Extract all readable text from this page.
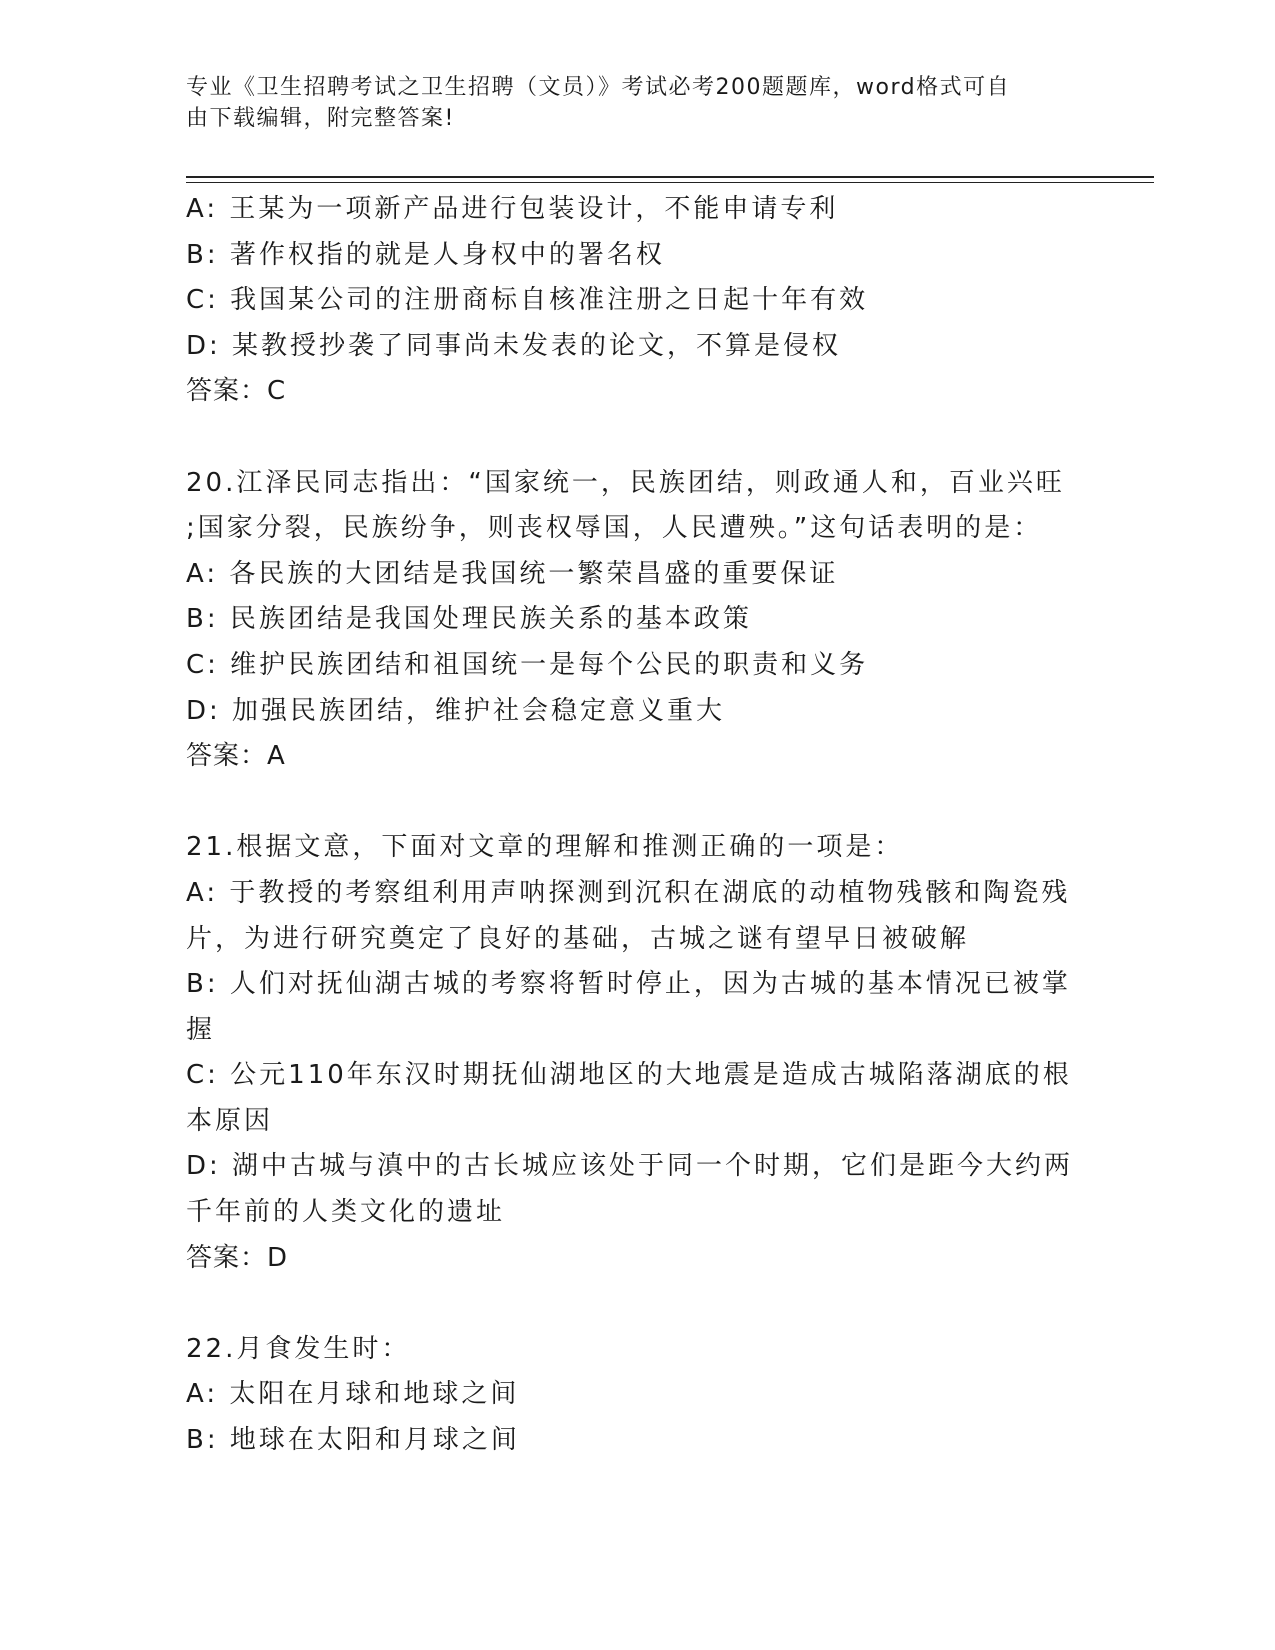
专业《卫生招聘考试之卫生招聘（文员）》考试必考200题题库，word格式可自
由下载编辑，附完整答案!
A: 王某为一项新产品进行包装设计，不能申请专利
B: 著作权指的就是人身权中的署名权
C: 我国某公司的注册商标自核准注册之日起十年有效
D: 某教授抄袭了同事尚未发表的论文，不算是侵权
答案：C
20.江泽民同志指出：“国家统一，民族团结，则政通人和，百业兴旺
;国家分裂，民族纷争，则丧权辱国，人民遭殃。”这句话表明的是：
A: 各民族的大团结是我国统一繁荣昌盛的重要保证
B: 民族团结是我国处理民族关系的基本政策
C: 维护民族团结和祖国统一是每个公民的职责和义务
D: 加强民族团结，维护社会稳定意义重大
答案：A
21.根据文意，下面对文章的理解和推测正确的一项是：
A: 于教授的考察组利用声呐探测到沉积在湖底的动植物残骸和陶瓷残
片，为进行研究奠定了良好的基础，古城之谜有望早日被破解
B: 人们对抚仙湖古城的考察将暂时停止，因为古城的基本情况已被掌
握
C: 公元110年东汉时期抚仙湖地区的大地震是造成古城陷落湖底的根
本原因
D: 湖中古城与滇中的古长城应该处于同一个时期，它们是距今大约两
千年前的人类文化的遗址
答案：D
22.月食发生时：
A: 太阳在月球和地球之间
B: 地球在太阳和月球之间
